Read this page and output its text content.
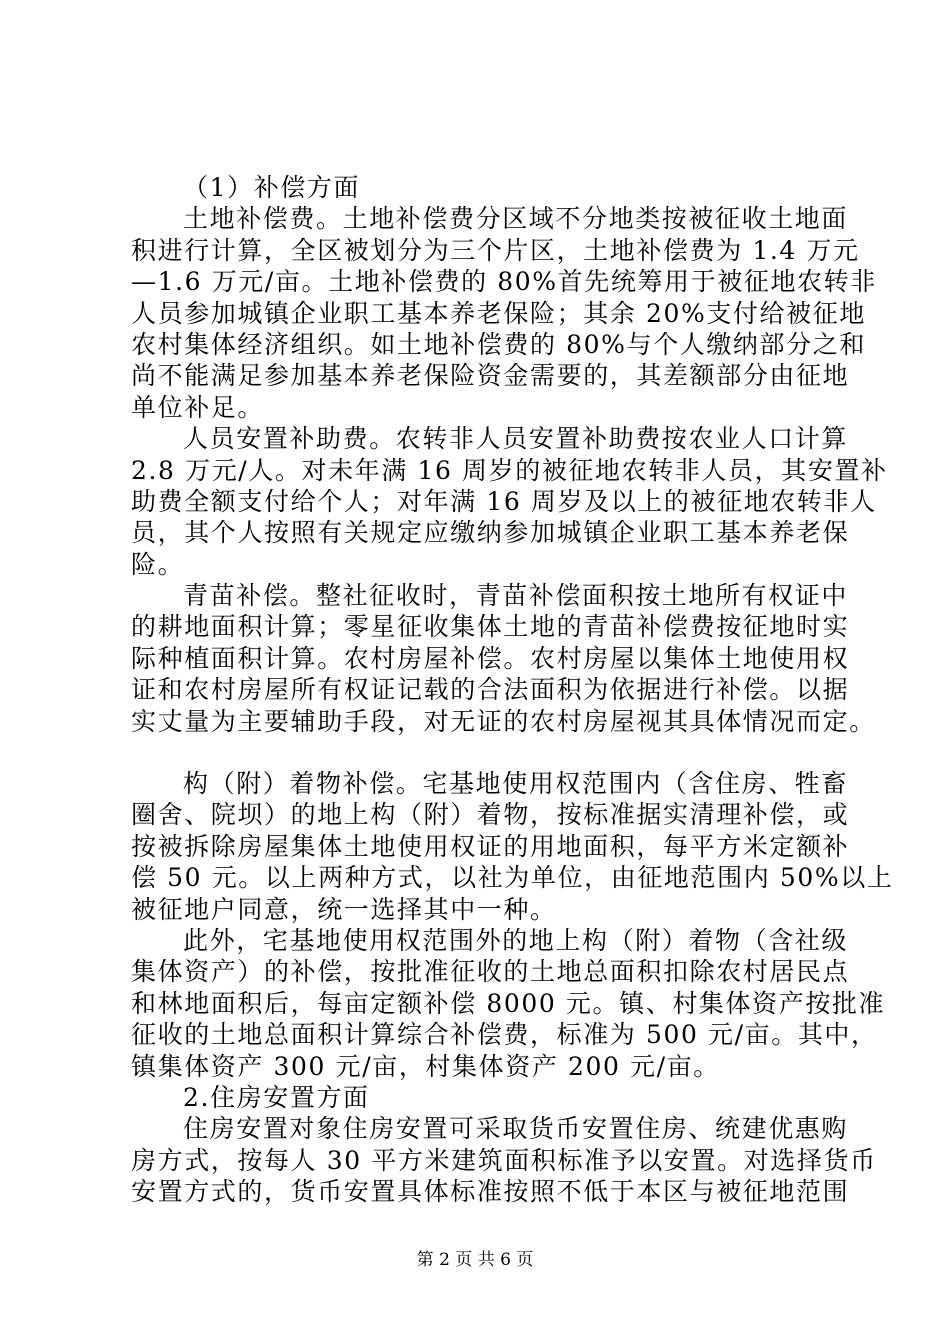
（1）补偿方面
土地补偿费。土地补偿费分区域不分地类按被征收土地面
积进行计算，全区被划分为三个片区，土地补偿费为 1.4 万元
—1.6 万元/亩。土地补偿费的 80%首先统筹用于被征地农转非
人员参加城镇企业职工基本养老保险；其余 20%支付给被征地
农村集体经济组织。如土地补偿费的 80%与个人缴纳部分之和
尚不能满足参加基本养老保险资金需要的，其差额部分由征地
单位补足。
人员安置补助费。农转非人员安置补助费按农业人口计算
2.8 万元/人。对未年满 16 周岁的被征地农转非人员，其安置补
助费全额支付给个人；对年满 16 周岁及以上的被征地农转非人
员，其个人按照有关规定应缴纳参加城镇企业职工基本养老保
险。
青苗补偿。整社征收时，青苗补偿面积按土地所有权证中
的耕地面积计算；零星征收集体土地的青苗补偿费按征地时实
际种植面积计算。农村房屋补偿。农村房屋以集体土地使用权
证和农村房屋所有权证记载的合法面积为依据进行补偿。以据
实丈量为主要辅助手段，对无证的农村房屋视其具体情况而定。
构（附）着物补偿。宅基地使用权范围内（含住房、牲畜
圈舍、院坝）的地上构（附）着物，按标准据实清理补偿，或
按被拆除房屋集体土地使用权证的用地面积，每平方米定额补
偿 50 元。以上两种方式，以社为单位，由征地范围内 50%以上
被征地户同意，统一选择其中一种。
此外，宅基地使用权范围外的地上构（附）着物（含社级
集体资产）的补偿，按批准征收的土地总面积扣除农村居民点
和林地面积后，每亩定额补偿 8000 元。镇、村集体资产按批准
征收的土地总面积计算综合补偿费，标准为 500 元/亩。其中，
镇集体资产 300 元/亩，村集体资产 200 元/亩。
2.住房安置方面
住房安置对象住房安置可采取货币安置住房、统建优惠购
房方式，按每人 30 平方米建筑面积标准予以安置。对选择货币
安置方式的，货币安置具体标准按照不低于本区与被征地范围
第 2 页 共 6 页
